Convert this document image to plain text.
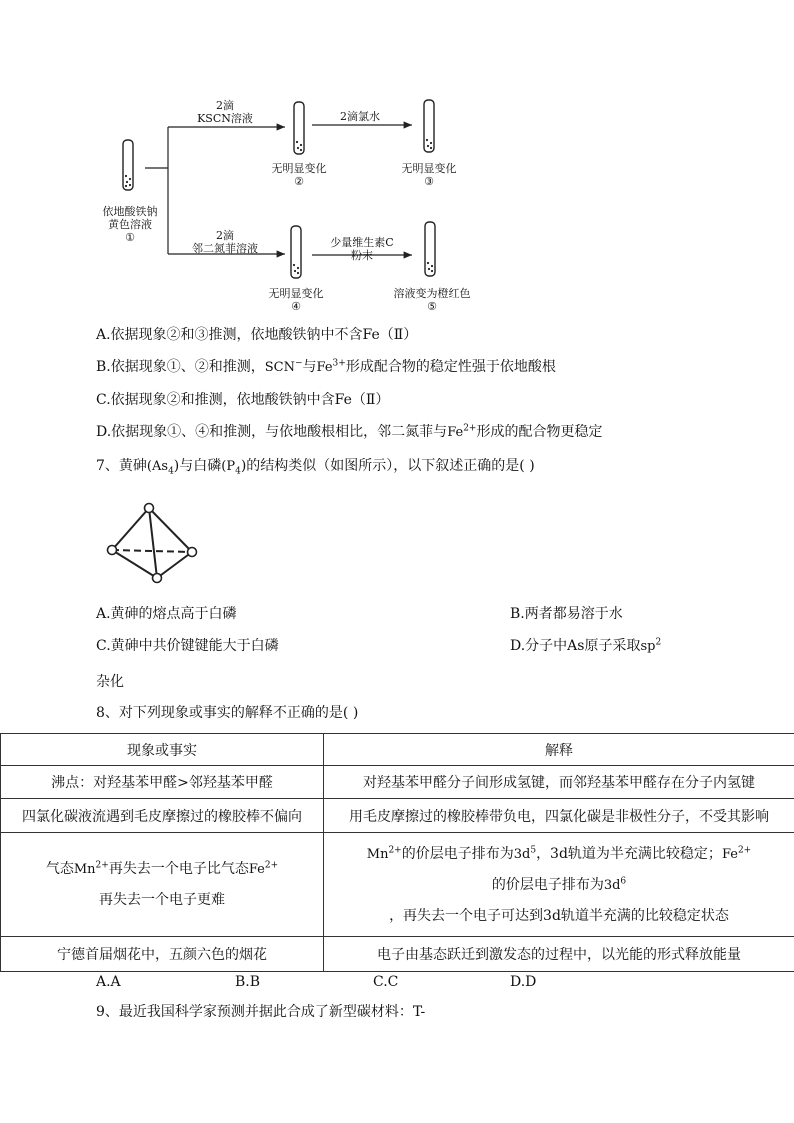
依地酸铁钠
黄色溶液
①
2滴
KSCN溶液
2滴
邻二氮菲溶液
无明显变化
②
2滴氯水
无明显变化
③
无明显变化
④
少量维生素C
粉末
溶液变为橙红色
⑤
A.依据现象②和③推测，依地酸铁钠中不含Fe（Ⅱ）
B.依据现象①、②和推测，SCN−与$Fe^{3+}$形成配合物的稳定性强于依地酸根
C.依据现象②和推测，依地酸铁钠中含Fe（Ⅱ）
D.依据现象①、④和推测，与依地酸根相比，邻二氮菲与$Fe^{2+}$形成的配合物更稳定
7、黄砷$(As_4)$与白磷$(P_4)$的结构类似（如图所示），以下叙述正确的是( )
A.黄砷的熔点高于白磷	B.两者都易溶于水
C.黄砷中共价键键能大于白磷	D.分子中As原子采取$sp^2$
杂化
8、对下列现象或事实的解释不正确的是( )
现象或事实	解释
沸点：对羟基苯甲醛>邻羟基苯甲醛	对羟基苯甲醛分子间形成氢键，而邻羟基苯甲醛存在分子内氢键
四氯化碳液流遇到毛皮摩擦过的橡胶棒不偏向	用毛皮摩擦过的橡胶棒带负电，四氯化碳是非极性分子，不受其影响

气态$Mn^{2+}$再失去一个电子比气态$Fe^{2+}$
再失去一个电子更难	$Mn^{2+}$的价层电子排布为$3d^5$，3d轨道为半充满比较稳定；$Fe^{2+}$
的价层电子排布为$3d^6$
，再失去一个电子可达到3d轨道半充满的比较稳定状态

宁德首届烟花中，五颜六色的烟花	电子由基态跃迁到激发态的过程中，以光能的形式释放能量
A.A	B.B	C.C	D.D
9、最近我国科学家预测并据此合成了新型碳材料：T-
